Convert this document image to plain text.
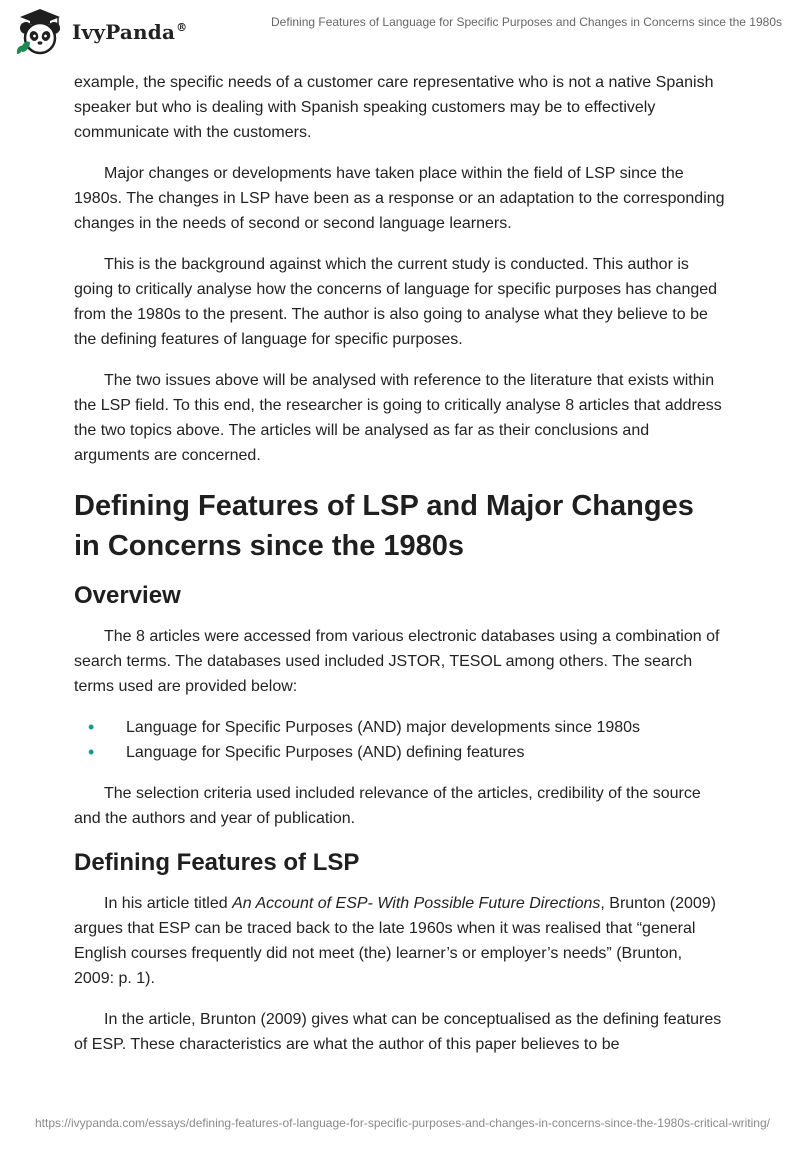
IvyPanda®	Defining Features of Language for Specific Purposes and Changes in Concerns since the 1980s

example, the specific needs of a customer care representative who is not a native Spanish speaker but who is dealing with Spanish speaking customers may be to effectively communicate with the customers.

Major changes or developments have taken place within the field of LSP since the 1980s. The changes in LSP have been as a response or an adaptation to the corresponding changes in the needs of second or second language learners.

This is the background against which the current study is conducted. This author is going to critically analyse how the concerns of language for specific purposes has changed from the 1980s to the present. The author is also going to analyse what they believe to be the defining features of language for specific purposes.

The two issues above will be analysed with reference to the literature that exists within the LSP field. To this end, the researcher is going to critically analyse 8 articles that address the two topics above. The articles will be analysed as far as their conclusions and arguments are concerned.

Defining Features of LSP and Major Changes in Concerns since the 1980s
Overview

The 8 articles were accessed from various electronic databases using a combination of search terms. The databases used included JSTOR, TESOL among others. The search terms used are provided below:

• Language for Specific Purposes (AND) major developments since 1980s
• Language for Specific Purposes (AND) defining features

The selection criteria used included relevance of the articles, credibility of the source and the authors and year of publication.

Defining Features of LSP

In his article titled An Account of ESP- With Possible Future Directions, Brunton (2009) argues that ESP can be traced back to the late 1960s when it was realised that “general English courses frequently did not meet (the) learner’s or employer’s needs” (Brunton, 2009: p. 1).

In the article, Brunton (2009) gives what can be conceptualised as the defining features of ESP. These characteristics are what the author of this paper believes to be

https://ivypanda.com/essays/defining-features-of-language-for-specific-purposes-and-changes-in-concerns-since-the-1980s-critical-writing/
